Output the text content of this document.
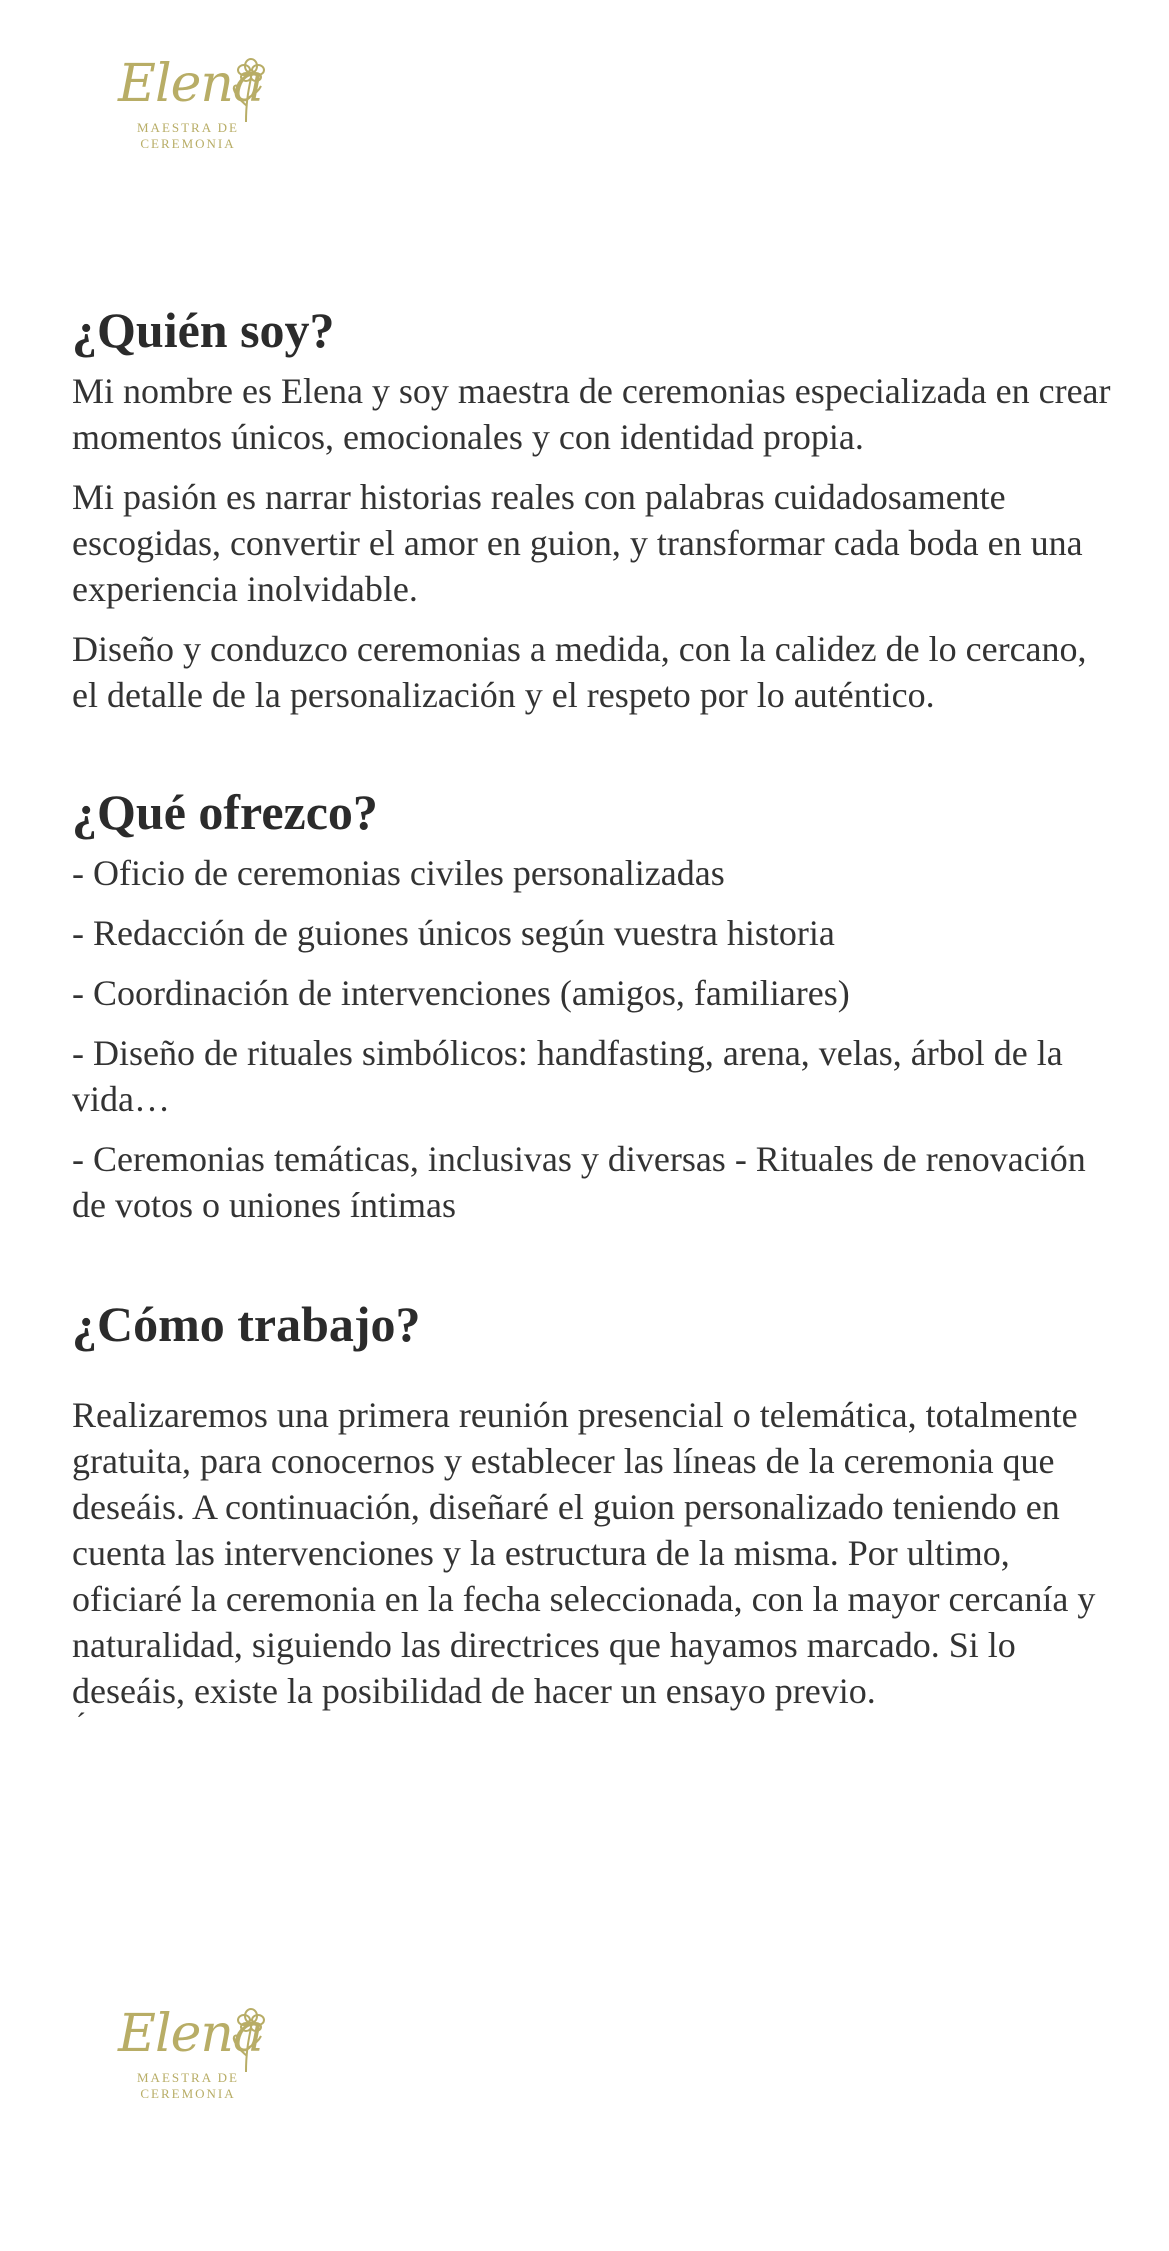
Elena
MAESTRA DE
CEREMONIA
¿Quién soy?

Mi nombre es Elena y soy maestra de ceremonias especializada en crear momentos únicos, emocionales y con identidad propia.

Mi pasión es narrar historias reales con palabras cuidadosamente escogidas, convertir el amor en guion, y transformar cada boda en una experiencia inolvidable.

Diseño y conduzco ceremonias a medida, con la calidez de lo cercano, el detalle de la personalización y el respeto por lo auténtico.

¿Qué ofrezco?

- Oficio de ceremonias civiles personalizadas

- Redacción de guiones únicos según vuestra historia

- Coordinación de intervenciones (amigos, familiares)

- Diseño de rituales simbólicos: handfasting, arena, velas, árbol de la vida…

- Ceremonias temáticas, inclusivas y diversas - Rituales de renovación de votos o uniones íntimas

¿Cómo trabajo?

Realizaremos una primera reunión presencial o telemática, totalmente gratuita, para conocernos y establecer las líneas de la ceremonia que deseáis. A continuación, diseñaré el guion personalizado teniendo en cuenta las intervenciones y la estructura de la misma. Por ultimo, oficiaré la ceremonia en la fecha seleccionada, con la mayor cercanía y naturalidad, siguiendo las directrices que hayamos marcado. Si lo deseáis, existe la posibilidad de hacer un ensayo previo.

´
Elena
MAESTRA DE
CEREMONIA
